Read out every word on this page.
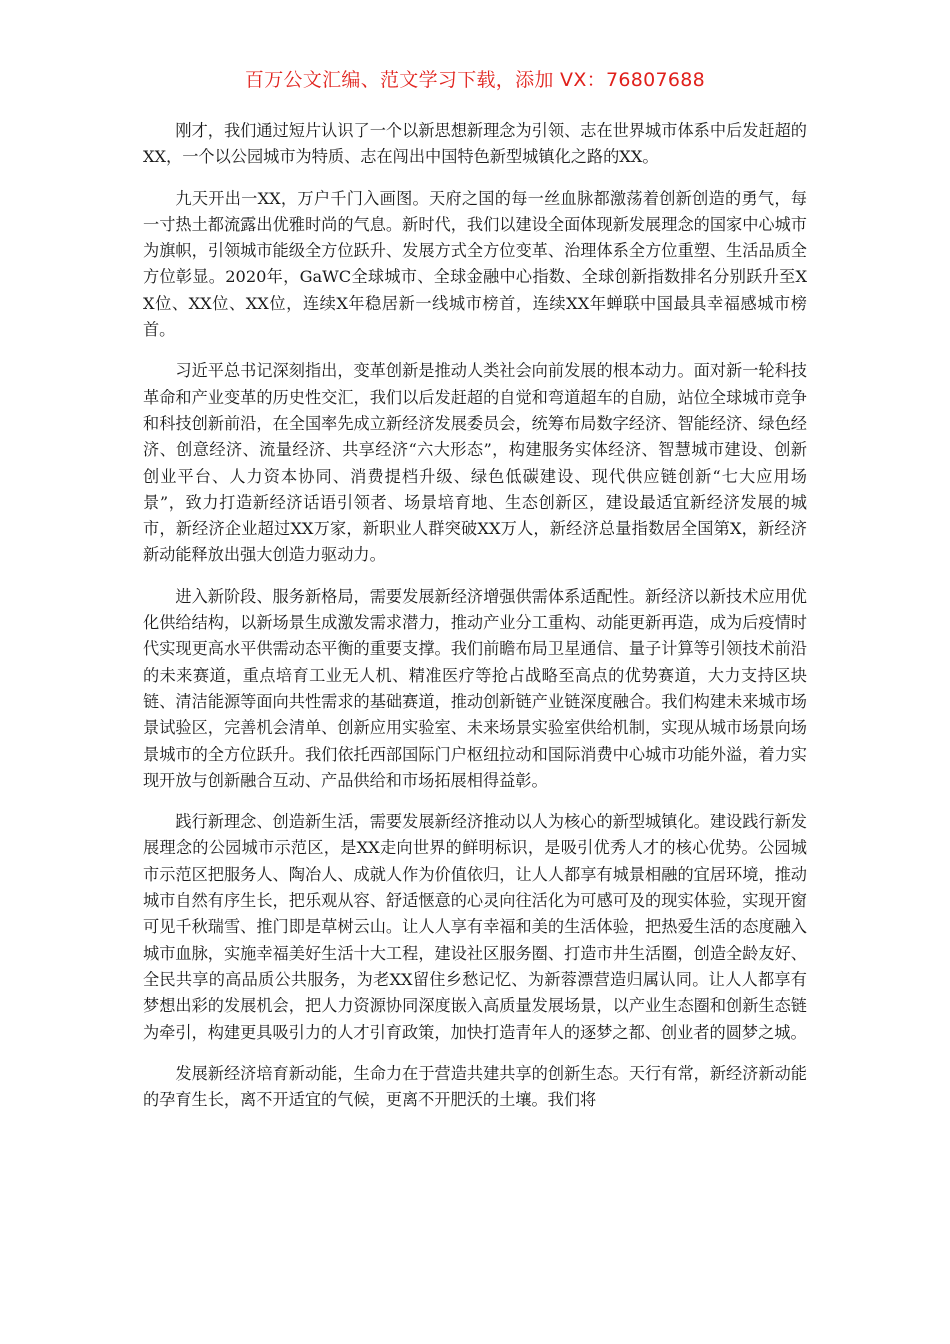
百万公文汇编、范文学习下载，添加 VX：76807688

刚才，我们通过短片认识了一个以新思想新理念为引领、志在世界城市体系中后发赶超的XX，一个以公园城市为特质、志在闯出中国特色新型城镇化之路的XX。

九天开出一XX，万户千门入画图。天府之国的每一丝血脉都激荡着创新创造的勇气，每一寸热土都流露出优雅时尚的气息。新时代，我们以建设全面体现新发展理念的国家中心城市为旗帜，引领城市能级全方位跃升、发展方式全方位变革、治理体系全方位重塑、生活品质全方位彰显。2020年，GaWC全球城市、全球金融中心指数、全球创新指数排名分别跃升至XX位、XX位、XX位，连续X年稳居新一线城市榜首，连续XX年蝉联中国最具幸福感城市榜首。

习近平总书记深刻指出，变革创新是推动人类社会向前发展的根本动力。面对新一轮科技革命和产业变革的历史性交汇，我们以后发赶超的自觉和弯道超车的自励，站位全球城市竞争和科技创新前沿，在全国率先成立新经济发展委员会，统筹布局数字经济、智能经济、绿色经济、创意经济、流量经济、共享经济“六大形态”，构建服务实体经济、智慧城市建设、创新创业平台、人力资本协同、消费提档升级、绿色低碳建设、现代供应链创新“七大应用场景”，致力打造新经济话语引领者、场景培育地、生态创新区，建设最适宜新经济发展的城市，新经济企业超过XX万家，新职业人群突破XX万人，新经济总量指数居全国第X，新经济新动能释放出强大创造力驱动力。

进入新阶段、服务新格局，需要发展新经济增强供需体系适配性。新经济以新技术应用优化供给结构，以新场景生成激发需求潜力，推动产业分工重构、动能更新再造，成为后疫情时代实现更高水平供需动态平衡的重要支撑。我们前瞻布局卫星通信、量子计算等引领技术前沿的未来赛道，重点培育工业无人机、精准医疗等抢占战略至高点的优势赛道，大力支持区块链、清洁能源等面向共性需求的基础赛道，推动创新链产业链深度融合。我们构建未来城市场景试验区，完善机会清单、创新应用实验室、未来场景实验室供给机制，实现从城市场景向场景城市的全方位跃升。我们依托西部国际门户枢纽拉动和国际消费中心城市功能外溢，着力实现开放与创新融合互动、产品供给和市场拓展相得益彰。

践行新理念、创造新生活，需要发展新经济推动以人为核心的新型城镇化。建设践行新发展理念的公园城市示范区，是XX走向世界的鲜明标识，是吸引优秀人才的核心优势。公园城市示范区把服务人、陶冶人、成就人作为价值依归，让人人都享有城景相融的宜居环境，推动城市自然有序生长，把乐观从容、舒适惬意的心灵向往活化为可感可及的现实体验，实现开窗可见千秋瑞雪、推门即是草树云山。让人人享有幸福和美的生活体验，把热爱生活的态度融入城市血脉，实施幸福美好生活十大工程，建设社区服务圈、打造市井生活圈，创造全龄友好、全民共享的高品质公共服务，为老XX留住乡愁记忆、为新蓉漂营造归属认同。让人人都享有梦想出彩的发展机会，把人力资源协同深度嵌入高质量发展场景，以产业生态圈和创新生态链为牵引，构建更具吸引力的人才引育政策，加快打造青年人的逐梦之都、创业者的圆梦之城。

发展新经济培育新动能，生命力在于营造共建共享的创新生态。天行有常，新经济新动能的孕育生长，离不开适宜的气候，更离不开肥沃的土壤。我们将
